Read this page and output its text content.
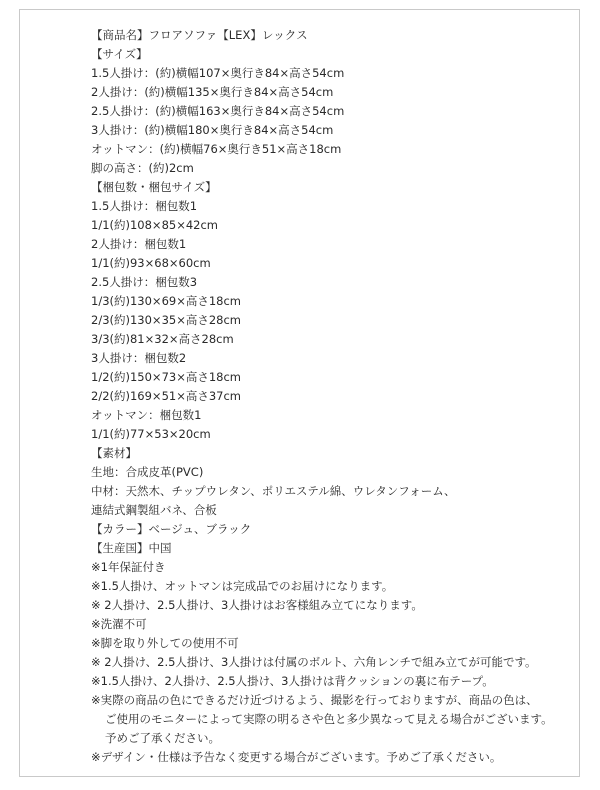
【商品名】フロアソファ【LEX】レックス
【サイズ】
1.5人掛け：(約)横幅107×奥行き84×高さ54cm
2人掛け：(約)横幅135×奥行き84×高さ54cm
2.5人掛け：(約)横幅163×奥行き84×高さ54cm
3人掛け：(約)横幅180×奥行き84×高さ54cm
オットマン：(約)横幅76×奥行き51×高さ18cm
脚の高さ：(約)2cm
【梱包数・梱包サイズ】
1.5人掛け：梱包数1
1/1(約)108×85×42cm
2人掛け：梱包数1
1/1(約)93×68×60cm
2.5人掛け：梱包数3
1/3(約)130×69×高さ18cm
2/3(約)130×35×高さ28cm
3/3(約)81×32×高さ28cm
3人掛け：梱包数2
1/2(約)150×73×高さ18cm
2/2(約)169×51×高さ37cm
オットマン：梱包数1
1/1(約)77×53×20cm
【素材】
生地：合成皮革(PVC)
中材：天然木、チップウレタン、ポリエステル綿、ウレタンフォーム、
連結式鋼製組バネ、合板
【カラー】ベージュ、ブラック
【生産国】中国
※1年保証付き
※1.5人掛け、オットマンは完成品でのお届けになります。
※ 2人掛け、2.5人掛け、3人掛けはお客様組み立てになります。
※洗濯不可
※脚を取り外しての使用不可
※ 2人掛け、2.5人掛け、3人掛けは付属のボルト、六角レンチで組み立てが可能です。
※1.5人掛け、2人掛け、2.5人掛け、3人掛けは背クッションの裏に布テープ。
※実際の商品の色にできるだけ近づけるよう、撮影を行っておりますが、商品の色は、
ご使用のモニターによって実際の明るさや色と多少異なって見える場合がございます。
予めご了承ください。
※デザイン・仕様は予告なく変更する場合がございます。予めご了承ください。
